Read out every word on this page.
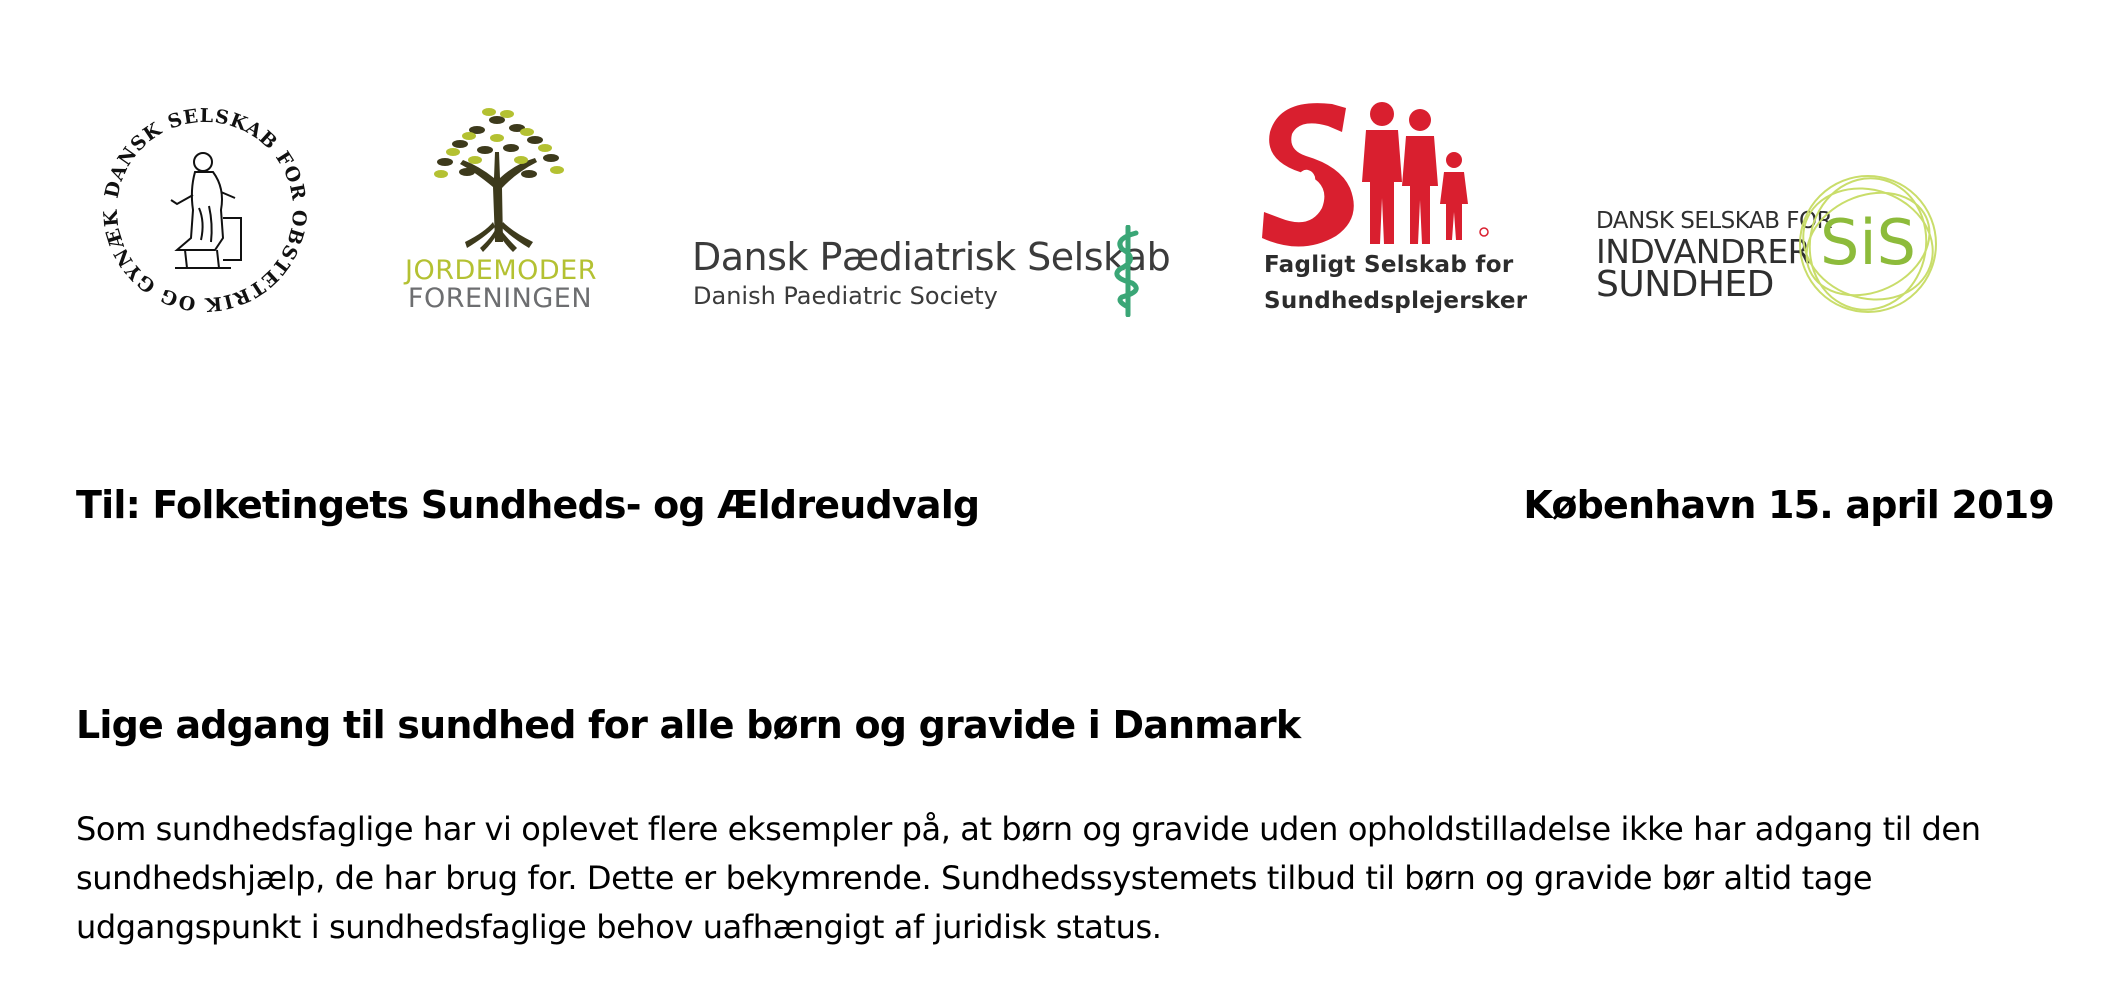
DANSK SELSKAB FOR OBSTETRIK OG GYNÆK
JORDEMODER
FORENINGEN
Dansk Pædiatrisk Selskab
Danish Paediatric Society
Fagligt Selskab for
Sundhedsplejersker
DANSK SELSKAB FOR
INDVANDRER
SUNDHED
SiS
Til: Folketingets Sundheds- og Ældreudvalg	København 15. april 2019
Lige adgang til sundhed for alle børn og gravide i Danmark
Som sundhedsfaglige har vi oplevet flere eksempler på, at børn og gravide uden opholdstilladelse ikke har adgang til den
sundhedshjælp, de har brug for. Dette er bekymrende. Sundhedssystemets tilbud til børn og gravide bør altid tage
udgangspunkt i sundhedsfaglige behov uafhængigt af juridisk status.
